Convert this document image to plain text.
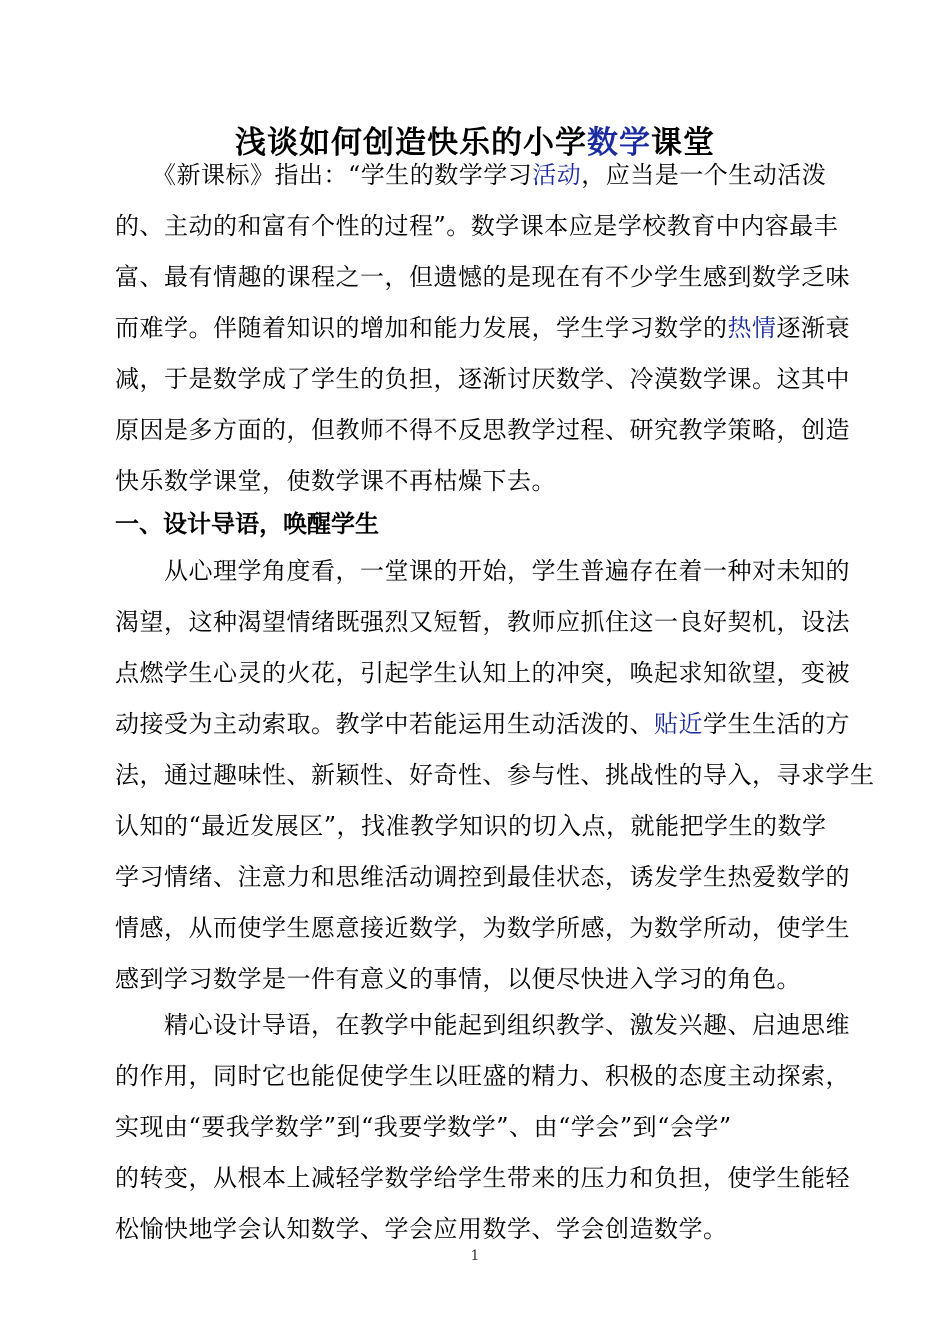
浅谈如何创造快乐的小学数学课堂
　　《新课标》指出：“学生的数学学习活动，应当是一个生动活泼
的、主动的和富有个性的过程”。数学课本应是学校教育中内容最丰
富、最有情趣的课程之一，但遗憾的是现在有不少学生感到数学乏味
而难学。伴随着知识的增加和能力发展，学生学习数学的热情逐渐衰
减，于是数学成了学生的负担，逐渐讨厌数学、冷漠数学课。这其中
原因是多方面的，但教师不得不反思教学过程、研究教学策略，创造
快乐数学课堂，使数学课不再枯燥下去。
一、设计导语，唤醒学生
　　从心理学角度看，一堂课的开始，学生普遍存在着一种对未知的
渴望，这种渴望情绪既强烈又短暂，教师应抓住这一良好契机，设法
点燃学生心灵的火花，引起学生认知上的冲突，唤起求知欲望，变被
动接受为主动索取。教学中若能运用生动活泼的、贴近学生生活的方
法，通过趣味性、新颖性、好奇性、参与性、挑战性的导入，寻求学生
认知的“最近发展区”，找准教学知识的切入点，就能把学生的数学
学习情绪、注意力和思维活动调控到最佳状态，诱发学生热爱数学的
情感，从而使学生愿意接近数学，为数学所感，为数学所动，使学生
感到学习数学是一件有意义的事情，以便尽快进入学习的角色。
　　精心设计导语，在教学中能起到组织教学、激发兴趣、启迪思维
的作用，同时它也能促使学生以旺盛的精力、积极的态度主动探索，
实现由“要我学数学”到“我要学数学”、由“学会”到“会学”
的转变，从根本上减轻学数学给学生带来的压力和负担，使学生能轻
松愉快地学会认知数学、学会应用数学、学会创造数学。
1
